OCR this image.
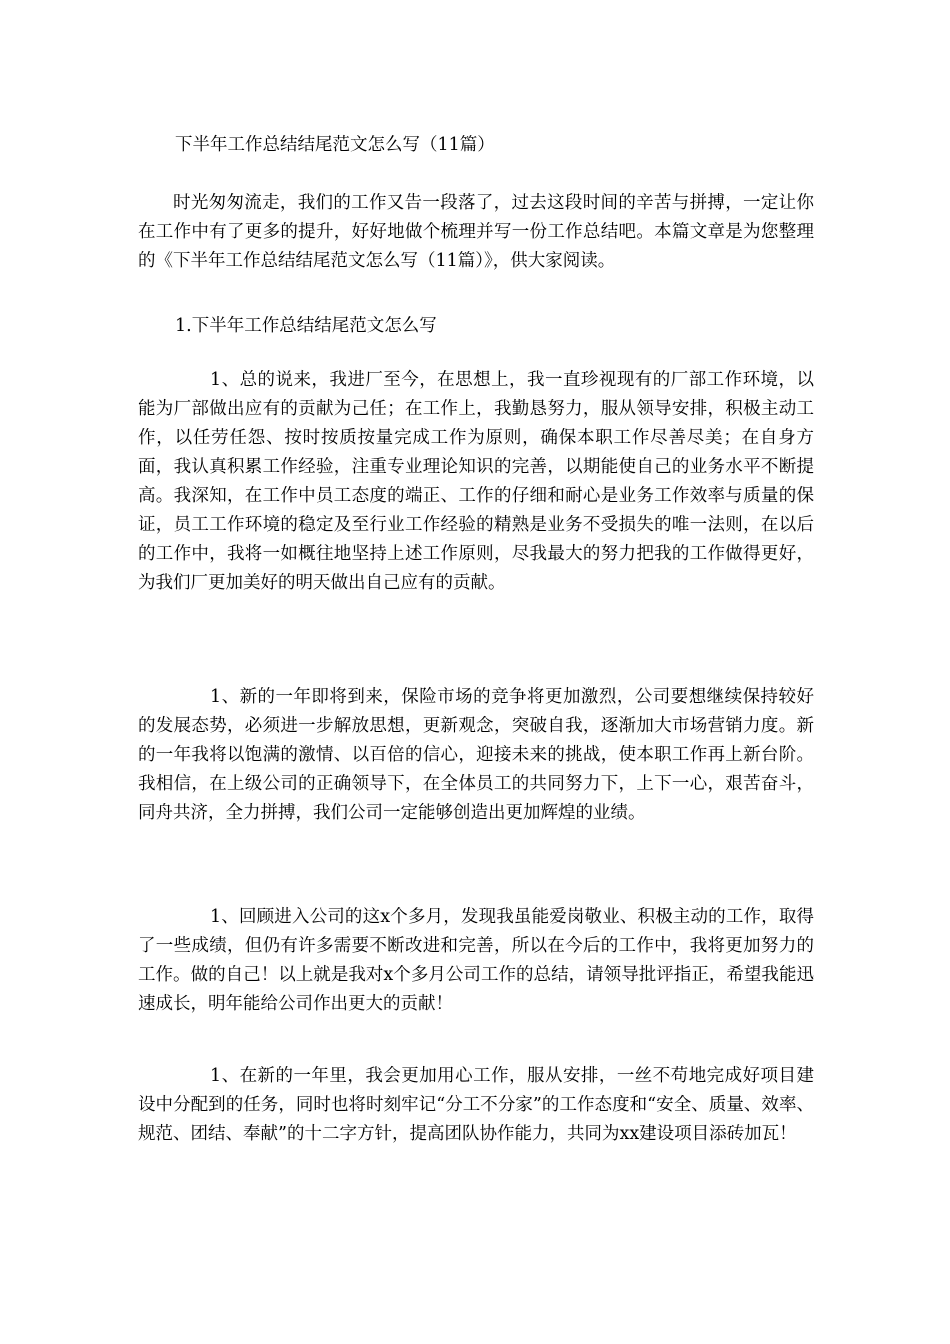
下半年工作总结结尾范文怎么写（11篇）

时光匆匆流走，我们的工作又告一段落了，过去这段时间的辛苦与拼搏，一定让你在工作中有了更多的提升，好好地做个梳理并写一份工作总结吧。本篇文章是为您整理的《下半年工作总结结尾范文怎么写（11篇）》，供大家阅读。

1.下半年工作总结结尾范文怎么写

1、总的说来，我进厂至今，在思想上，我一直珍视现有的厂部工作环境，以能为厂部做出应有的贡献为己任；在工作上，我勤恳努力，服从领导安排，积极主动工作，以任劳任怨、按时按质按量完成工作为原则，确保本职工作尽善尽美；在自身方面，我认真积累工作经验，注重专业理论知识的完善，以期能使自己的业务水平不断提高。我深知，在工作中员工态度的端正、工作的仔细和耐心是业务工作效率与质量的保证，员工工作环境的稳定及至行业工作经验的精熟是业务不受损失的唯一法则，在以后的工作中，我将一如概往地坚持上述工作原则，尽我最大的努力把我的工作做得更好，为我们厂更加美好的明天做出自己应有的贡献。

1、新的一年即将到来，保险市场的竞争将更加激烈，公司要想继续保持较好的发展态势，必须进一步解放思想，更新观念，突破自我，逐渐加大市场营销力度。新的一年我将以饱满的激情、以百倍的信心，迎接未来的挑战，使本职工作再上新台阶。我相信，在上级公司的正确领导下，在全体员工的共同努力下，上下一心，艰苦奋斗，同舟共济，全力拼搏，我们公司一定能够创造出更加辉煌的业绩。

1、回顾进入公司的这x个多月，发现我虽能爱岗敬业、积极主动的工作，取得了一些成绩，但仍有许多需要不断改进和完善，所以在今后的工作中，我将更加努力的工作。做的自己！以上就是我对x个多月公司工作的总结，请领导批评指正，希望我能迅速成长，明年能给公司作出更大的贡献！

1、在新的一年里，我会更加用心工作，服从安排，一丝不苟地完成好项目建设中分配到的任务，同时也将时刻牢记“分工不分家”的工作态度和“安全、质量、效率、规范、团结、奉献”的十二字方针，提高团队协作能力，共同为xx建设项目添砖加瓦！
